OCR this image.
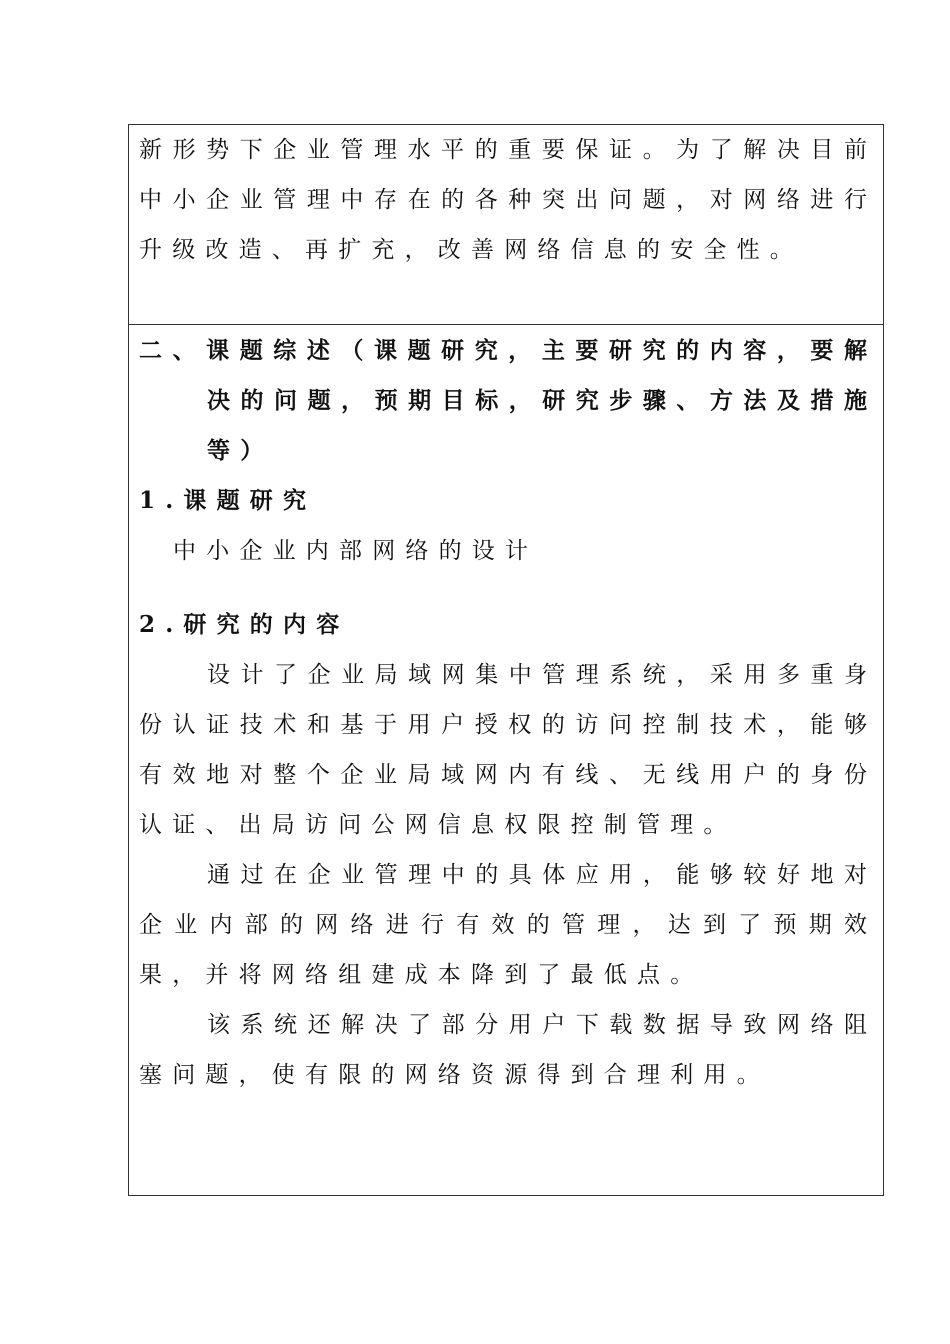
新形势下企业管理水平的重要保证。为了解决目前
中小企业管理中存在的各种突出问题，对网络进行
升级改造、再扩充，改善网络信息的安全性。
二、课题综述（课题研究，主要研究的内容，要解
决的问题，预期目标，研究步骤、方法及措施
等）
1.课题研究
中小企业内部网络的设计
2.研究的内容
设计了企业局域网集中管理系统，采用多重身
份认证技术和基于用户授权的访问控制技术，能够
有效地对整个企业局域网内有线、无线用户的身份
认证、出局访问公网信息权限控制管理。
通过在企业管理中的具体应用，能够较好地对
企业内部的网络进行有效的管理，达到了预期效
果，并将网络组建成本降到了最低点。
该系统还解决了部分用户下载数据导致网络阻
塞问题，使有限的网络资源得到合理利用。
